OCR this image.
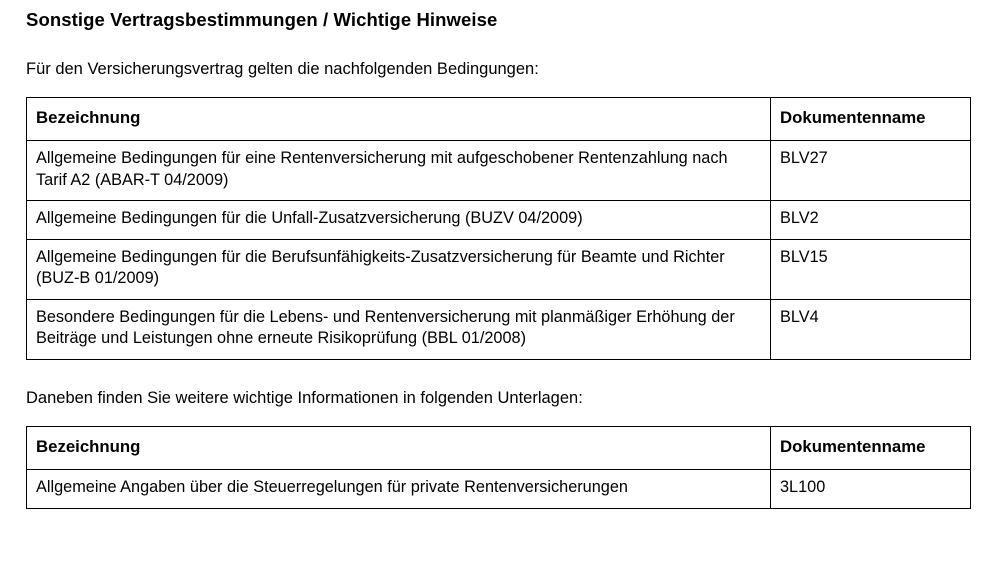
Sonstige Vertragsbestimmungen / Wichtige Hinweise

Für den Versicherungsvertrag gelten die nachfolgenden Bedingungen:

Bezeichnung	Dokumentenname
Allgemeine Bedingungen für eine Rentenversicherung mit aufgeschobener Rentenzahlung nach Tarif A2 (ABAR-T 04/2009)	BLV27
Allgemeine Bedingungen für die Unfall-Zusatzversicherung (BUZV 04/2009)	BLV2
Allgemeine Bedingungen für die Berufsunfähigkeits-Zusatzversicherung für Beamte und Richter (BUZ-B 01/2009)	BLV15
Besondere Bedingungen für die Lebens- und Rentenversicherung mit planmäßiger Erhöhung der Beiträge und Leistungen ohne erneute Risikoprüfung (BBL 01/2008)	BLV4

Daneben finden Sie weitere wichtige Informationen in folgenden Unterlagen:

Bezeichnung	Dokumentenname
Allgemeine Angaben über die Steuerregelungen für private Rentenversicherungen	3L100
